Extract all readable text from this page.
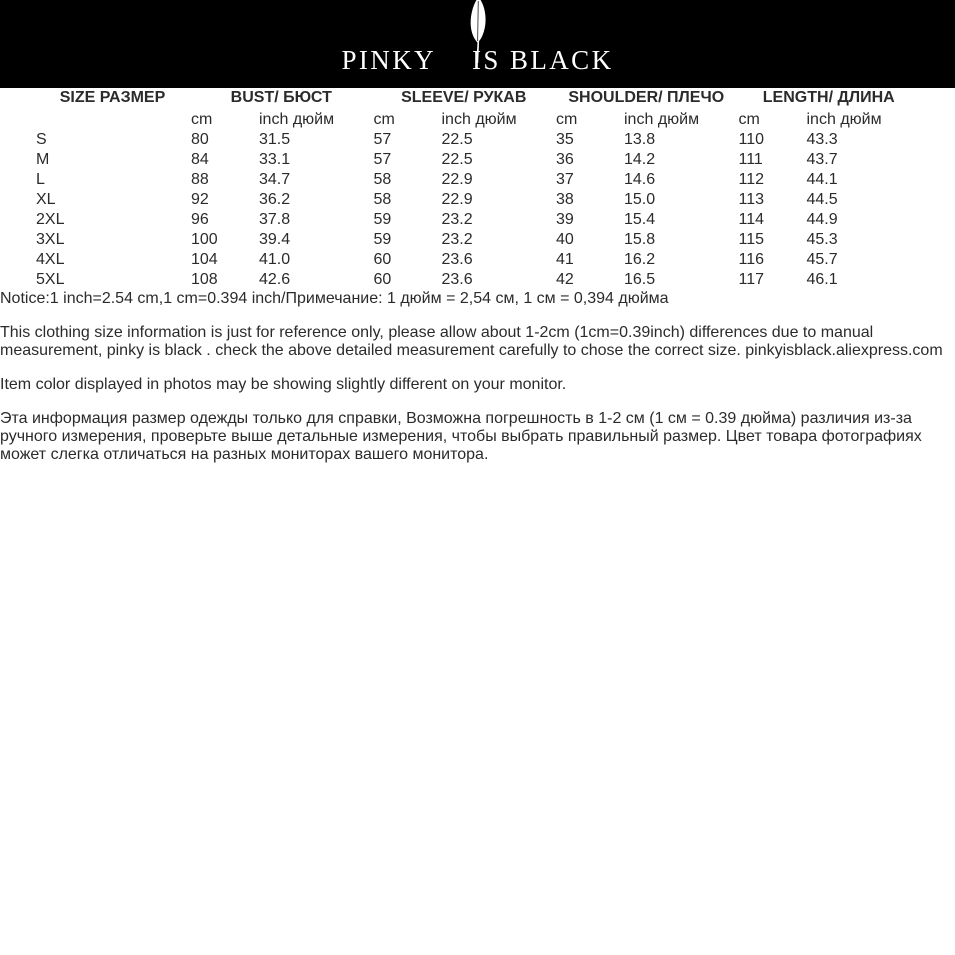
PINKY	IS BLACK
SIZE РАЗМЕР	BUST/ БЮСТ		SLEEVE/ РУКАВ		SHOULDER/ ПЛЕЧО		LENGTH/ ДЛИНА	

	cm	inch дюйм	cm	inch дюйм	cm	inch дюйм	cm	inch дюйм
S	80	31.5	57	22.5	35	13.8	110	43.3
M	84	33.1	57	22.5	36	14.2	111	43.7
L	88	34.7	58	22.9	37	14.6	112	44.1
XL	92	36.2	58	22.9	38	15.0	113	44.5
2XL	96	37.8	59	23.2	39	15.4	114	44.9
3XL	100	39.4	59	23.2	40	15.8	115	45.3
4XL	104	41.0	60	23.6	41	16.2	116	45.7
5XL	108	42.6	60	23.6	42	16.5	117	46.1
Notice:1 inch=2.54 cm,1 cm=0.394 inch/Примечание: 1 дюйм = 2,54 см, 1 см = 0,394 дюйма

This clothing size information is just for reference only, please allow about 1-2cm (1cm=0.39inch) differences due to manual measurement, pinky is black . check the above detailed measurement carefully to chose the correct size. pinkyisblack.aliexpress.com

Item color displayed in photos may be showing slightly different on your monitor.

Эта информация размер одежды только для справки, Возможна погрешность в 1-2 см (1 см = 0.39 дюйма) различия из-за ручного измерения, проверьте выше детальные измерения, чтобы выбрать правильный размер. Цвет товара фотографиях может слегка отличаться на разных мониторах вашего монитора.
